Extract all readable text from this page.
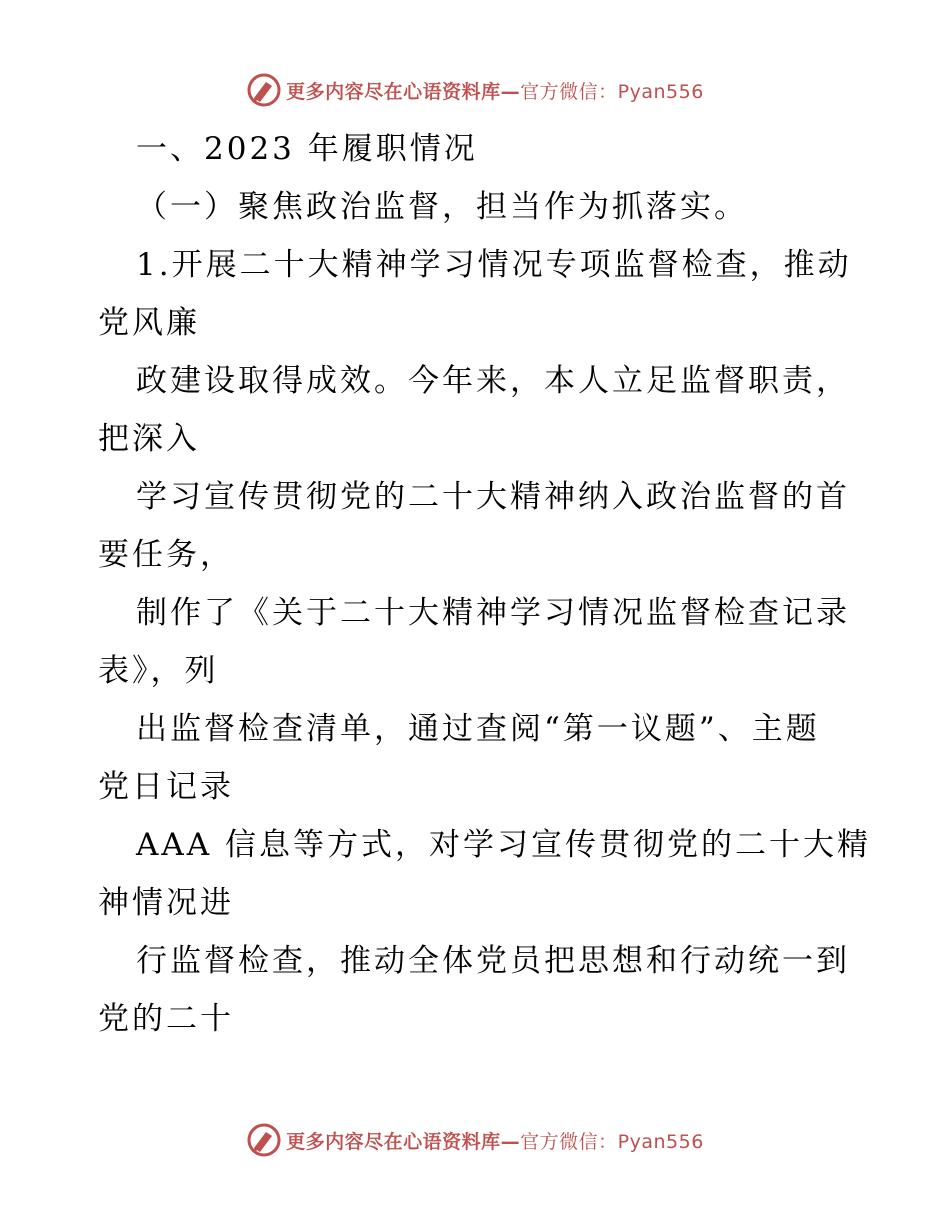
更多内容尽在心语资料库—官方微信：Pyan556
一、2023 年履职情况
（一）聚焦政治监督，担当作为抓落实。
1.开展二十大精神学习情况专项监督检查，推动
党风廉
政建设取得成效。今年来，本人立足监督职责，
把深入
学习宣传贯彻党的二十大精神纳入政治监督的首
要任务，
制作了《关于二十大精神学习情况监督检查记录
表》，列
出监督检查清单，通过查阅“第一议题”、主题
党日记录
AAA 信息等方式，对学习宣传贯彻党的二十大精
神情况进
行监督检查，推动全体党员把思想和行动统一到
党的二十
更多内容尽在心语资料库—官方微信：Pyan556
